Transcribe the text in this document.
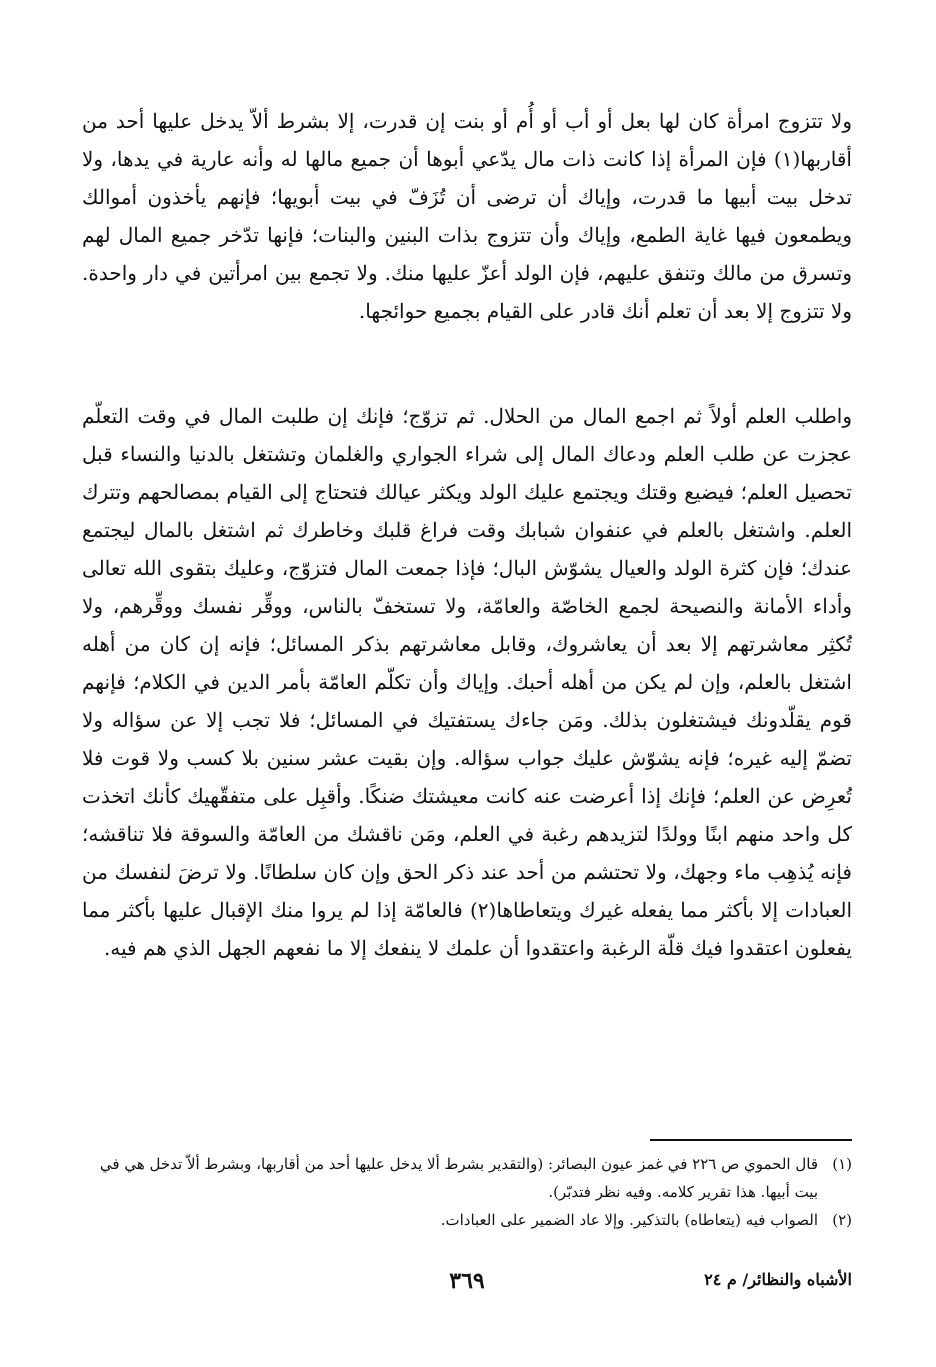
ولا تتزوج امرأة كان لها بعل أو أب أو أُم أو بنت إن قدرت، إلا بشرط ألاّ يدخل عليها أحد من أقاربها(١) فإن المرأة إذا كانت ذات مال يدّعي أبوها أن جميع مالها له وأنه عارية في يدها، ولا تدخل بيت أبيها ما قدرت، وإياك أن ترضى أن تُزَفّ في بيت أبويها؛ فإنهم يأخذون أموالك ويطمعون فيها غاية الطمع، وإياك وأن تتزوج بذات البنين والبنات؛ فإنها تدّخر جميع المال لهم وتسرق من مالك وتنفق عليهم، فإن الولد أعزّ عليها منك. ولا تجمع بين امرأتين في دار واحدة. ولا تتزوج إلا بعد أن تعلم أنك قادر على القيام بجميع حوائجها.

واطلب العلم أولاً ثم اجمع المال من الحلال. ثم تزوّج؛ فإنك إن طلبت المال في وقت التعلّم عجزت عن طلب العلم ودعاك المال إلى شراء الجواري والغلمان وتشتغل بالدنيا والنساء قبل تحصيل العلم؛ فيضيع وقتك ويجتمع عليك الولد ويكثر عيالك فتحتاج إلى القيام بمصالحهم وتترك العلم. واشتغل بالعلم في عنفوان شبابك وقت فراغ قلبك وخاطرك ثم اشتغل بالمال ليجتمع عندك؛ فإن كثرة الولد والعيال يشوّش البال؛ فإذا جمعت المال فتزوّج، وعليك بتقوى الله تعالى وأداء الأمانة والنصيحة لجمع الخاصّة والعامّة، ولا تستخفّ بالناس، ووقِّر نفسك ووقِّرهم، ولا تُكثِر معاشرتهم إلا بعد أن يعاشروك، وقابل معاشرتهم بذكر المسائل؛ فإنه إن كان من أهله اشتغل بالعلم، وإن لم يكن من أهله أحبك. وإياك وأن تكلّم العامّة بأمر الدين في الكلام؛ فإنهم قوم يقلّدونك فيشتغلون بذلك. ومَن جاءك يستفتيك في المسائل؛ فلا تجب إلا عن سؤاله ولا تضمّ إليه غيره؛ فإنه يشوّش عليك جواب سؤاله. وإن بقيت عشر سنين بلا كسب ولا قوت فلا تُعرِض عن العلم؛ فإنك إذا أعرضت عنه كانت معيشتك ضنكًا. وأقبِل على متفقّهيك كأنك اتخذت كل واحد منهم ابنًا وولدًا لتزيدهم رغبة في العلم، ومَن ناقشك من العامّة والسوقة فلا تناقشه؛ فإنه يُذهِب ماء وجهك، ولا تحتشم من أحد عند ذكر الحق وإن كان سلطانًا. ولا ترضَ لنفسك من العبادات إلا بأكثر مما يفعله غيرك ويتعاطاها(٢) فالعامّة إذا لم يروا منك الإقبال عليها بأكثر مما يفعلون اعتقدوا فيك قلّة الرغبة واعتقدوا أن علمك لا ينفعك إلا ما نفعهم الجهل الذي هم فيه.

(١)
قال الحموي ص ٢٢٦ في غمز عيون البصائر: (والتقدير بشرط ألا يدخل عليها أحد من أقاربها، وبشرط ألاّ تدخل هي في بيت أبيها. هذا تقرير كلامه. وفيه نظر فتدبّر).

(٢)
الصواب فيه (يتعاطاه) بالتذكير. وإلا عاد الضمير على العبادات.

الأشباه والنظائر/ م ٢٤
٣٦٩
